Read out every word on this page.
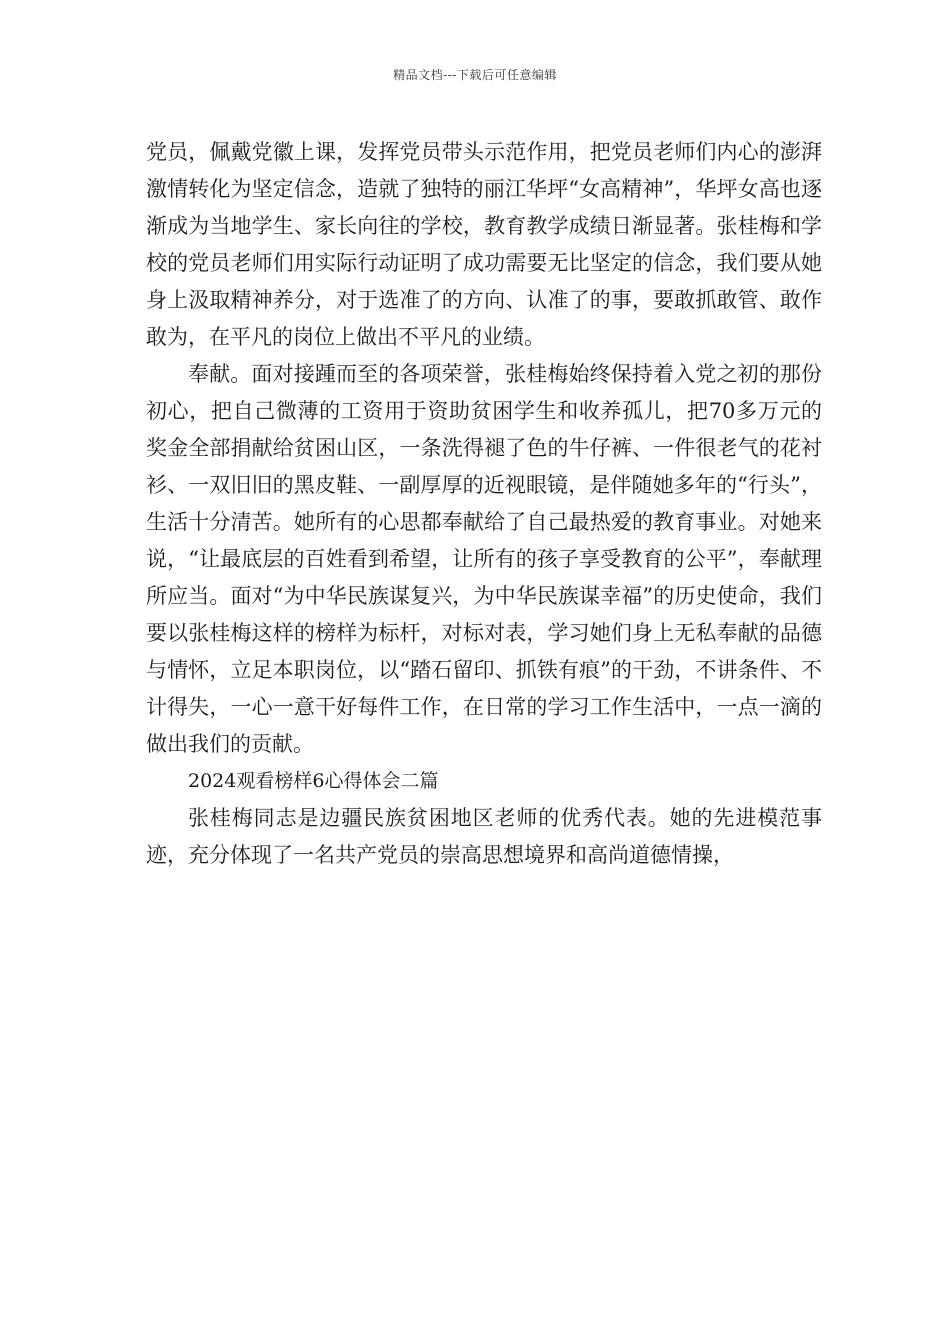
精品文档---下载后可任意编辑

党员，佩戴党徽上课，发挥党员带头示范作用，把党员老师们内心的澎湃激情转化为坚定信念，造就了独特的丽江华坪“女高精神”，华坪女高也逐渐成为当地学生、家长向往的学校，教育教学成绩日渐显著。张桂梅和学校的党员老师们用实际行动证明了成功需要无比坚定的信念，我们要从她身上汲取精神养分，对于选准了的方向、认准了的事，要敢抓敢管、敢作敢为，在平凡的岗位上做出不平凡的业绩。

奉献。面对接踵而至的各项荣誉，张桂梅始终保持着入党之初的那份初心，把自己微薄的工资用于资助贫困学生和收养孤儿，把70多万元的奖金全部捐献给贫困山区，一条洗得褪了色的牛仔裤、一件很老气的花衬衫、一双旧旧的黑皮鞋、一副厚厚的近视眼镜，是伴随她多年的“行头”，生活十分清苦。她所有的心思都奉献给了自己最热爱的教育事业。对她来说，“让最底层的百姓看到希望，让所有的孩子享受教育的公平”，奉献理所应当。面对“为中华民族谋复兴，为中华民族谋幸福”的历史使命，我们要以张桂梅这样的榜样为标杆，对标对表，学习她们身上无私奉献的品德与情怀，立足本职岗位，以“踏石留印、抓铁有痕”的干劲，不讲条件、不计得失，一心一意干好每件工作，在日常的学习工作生活中，一点一滴的做出我们的贡献。

2024观看榜样6心得体会二篇

张桂梅同志是边疆民族贫困地区老师的优秀代表。她的先进模范事迹，充分体现了一名共产党员的崇高思想境界和高尚道德情操，
